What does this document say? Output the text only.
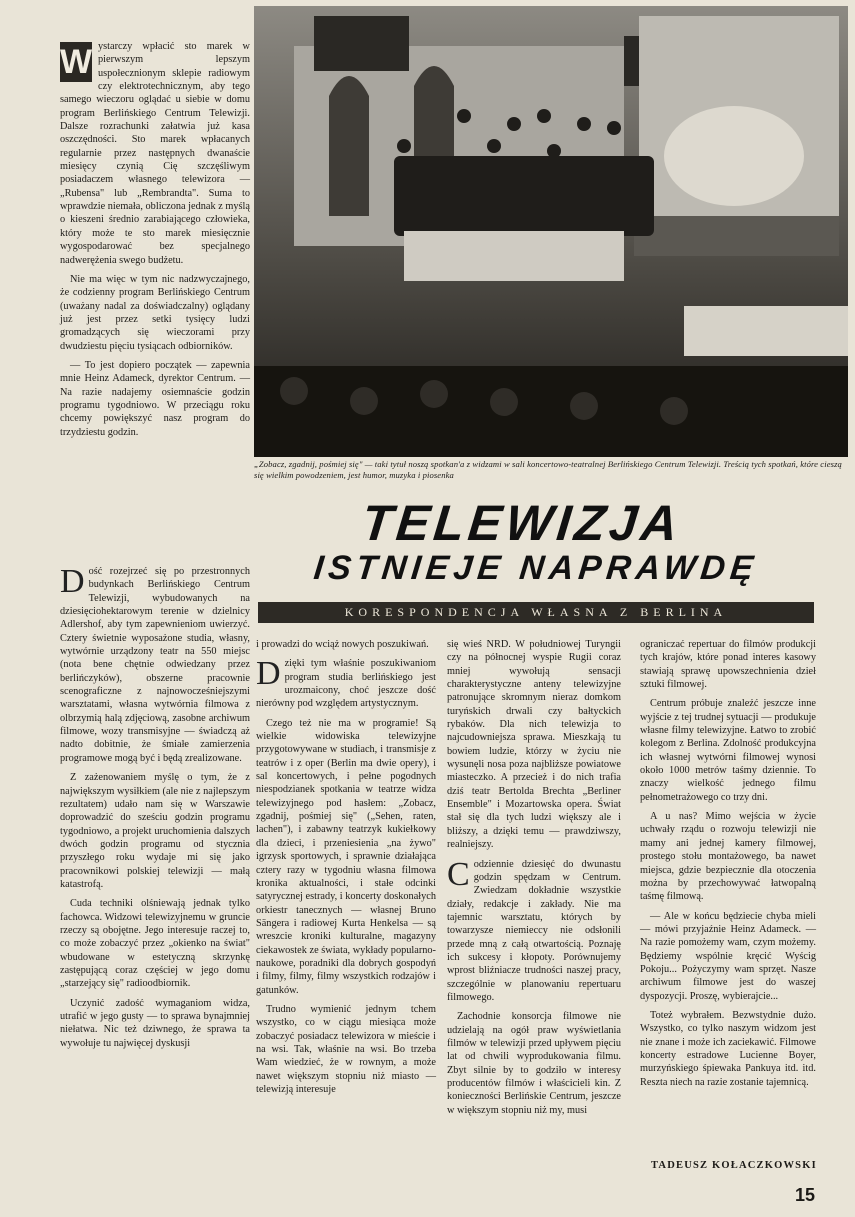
W ystarczy wpłacić sto marek w pierwszym lepszym uspołecznionym sklepie radiowym czy elektrotechnicznym, aby tego samego wieczoru oglądać u siebie w domu program Berlińskiego Centrum Telewizji. Dalsze rozrachunki załatwia już kasa oszczędności. Sto marek wpłacanych regularnie przez następnych dwanaście miesięcy czynią Cię szczęśliwym posiadaczem własnego telewizora — „Rubensa" lub „Rembrandta". Suma to wprawdzie niemała, obliczona jednak z myślą o kieszeni średnio zarabiającego człowieka, który może te sto marek miesięcznie wygospodarować bez specjalnego nadwerężenia swego budżetu.

Nie ma więc w tym nic nadzwyczajnego, że codzienny program Berlińskiego Centrum (uważany nadal za doświadczalny) oglądany już jest przez setki tysięcy ludzi gromadzących się wieczorami przy dwudziestu pięciu tysiącach odbiorników.

— To jest dopiero początek — zapewnia mnie Heinz Adameck, dyrektor Centrum. — Na razie nadajemy osiemnaście godzin programu tygodniowo. W przeciągu roku chcemy powiększyć nasz program do trzydziestu godzin.

„Zobacz, zgadnij, pośmiej się" — taki tytuł noszą spotkan'a z widzami w sali koncertowo-teatralnej Berlińskiego Centrum Telewizji. Treścią tych spotkań, które cieszą się wielkim powodzeniem, jest humor, muzyka i piosenka
TELEWIZJA
ISTNIEJE NAPRAWDĘ
KORESPONDENCJA WŁASNA Z BERLINA

Dość rozejrzeć się po przestronnych budynkach Berlińskiego Centrum Telewizji, wybudowanych na dziesięciohektarowym terenie w dzielnicy Adlershof, aby tym zapewnieniom uwierzyć. Cztery świetnie wyposażone studia, własny, wytwórnie urządzony teatr na 550 miejsc (nota bene chętnie odwiedzany przez berlińczyków), obszerne pracownie scenograficzne z najnowocześniejszymi warsztatami, własna wytwórnia filmowa z olbrzymią halą zdjęciową, zasobne archiwum filmowe, wozy transmisyjne — świadczą aż nadto dobitnie, że śmiałe zamierzenia programowe mogą być i będą zrealizowane.

Z zażenowaniem myślę o tym, że z największym wysiłkiem (ale nie z najlepszym rezultatem) udało nam się w Warszawie doprowadzić do sześciu godzin programu tygodniowo, a projekt uruchomienia dalszych dwóch godzin programu od stycznia przyszłego roku wydaje mi się jako pracownikowi polskiej telewizji — małą katastrofą.

Cuda techniki olśniewają jednak tylko fachowca. Widzowi telewizyjnemu w gruncie rzeczy są obojętne. Jego interesuje raczej to, co może zobaczyć przez „okienko na świat" wbudowane w estetyczną skrzynkę zastępującą coraz częściej w jego domu „starzejący się" radioodbiornik.

Uczynić zadość wymaganiom widza, utrafić w jego gusty — to sprawa bynajmniej niełatwa. Nic też dziwnego, że sprawa ta wywołuje tu najwięcej dyskusji

i prowadzi do wciąż nowych poszukiwań.

Dzięki tym właśnie poszukiwaniom program studia berlińskiego jest urozmaicony, choć jeszcze dość nierówny pod względem artystycznym.

Czego też nie ma w programie! Są wielkie widowiska telewizyjne przygotowywane w studiach, i transmisje z teatrów i z oper (Berlin ma dwie opery), i sal koncertowych, i pełne pogodnych niespodzianek spotkania w teatrze widza telewizyjnego pod hasłem: „Zobacz, zgadnij, pośmiej się" („Sehen, raten, lachen"), i zabawny teatrzyk kukiełkowy dla dzieci, i przeniesienia „na żywo" igrzysk sportowych, i sprawnie działająca cztery razy w tygodniu własna filmowa kronika aktualności, i stałe odcinki satyrycznej estrady, i koncerty doskonałych orkiestr tanecznych — własnej Bruno Sängera i radiowej Kurta Henkelsa — są wreszcie kroniki kulturalne, magazyny ciekawostek ze świata, wykłady popularno-naukowe, poradniki dla dobrych gospodyń i filmy, filmy, filmy wszystkich rodzajów i gatunków.

Trudno wymienić jednym tchem wszystko, co w ciągu miesiąca może zobaczyć posiadacz telewizora w mieście i na wsi. Tak, właśnie na wsi. Bo trzeba Wam wiedzieć, że w rownym, a może nawet większym stopniu niż miasto — telewizją interesuje

się wieś NRD. W południowej Turyngii czy na północnej wyspie Rugii coraz mniej wywołują sensacji charakterystyczne anteny telewizyjne patronujące skromnym nieraz domkom turyńskich drwali czy bałtyckich rybaków. Dla nich telewizja to najcudowniejsza sprawa. Mieszkają tu bowiem ludzie, którzy w życiu nie wysunęli nosa poza najbliższe powiatowe miasteczko. A przecież i do nich trafia dziś teatr Bertolda Brechta „Berliner Ensemble" i Mozartowska opera. Świat stał się dla tych ludzi większy ale i bliższy, a dzięki temu — prawdziwszy, realniejszy.

Codziennie dziesięć do dwunastu godzin spędzam w Centrum. Zwiedzam dokładnie wszystkie działy, redakcje i zakłady. Nie ma tajemnic warsztatu, których by towarzysze niemieccy nie odsłonili przede mną z całą otwartością. Poznaję ich sukcesy i kłopoty. Porównujemy wprost bliźniacze trudności naszej pracy, szczególnie w planowaniu repertuaru filmowego.

Zachodnie konsorcja filmowe nie udzielają na ogół praw wyświetlania filmów w telewizji przed upływem pięciu lat od chwili wyprodukowania filmu. Zbyt silnie by to godziło w interesy producentów filmów i właścicieli kin. Z konieczności Berlińskie Centrum, jeszcze w większym stopniu niż my, musi

ograniczać repertuar do filmów produkcji tych krajów, które ponad interes kasowy stawiają sprawę upowszechnienia dzieł sztuki filmowej.

Centrum próbuje znaleźć jeszcze inne wyjście z tej trudnej sytuacji — produkuje własne filmy telewizyjne. Łatwo to zrobić kolegom z Berlina. Zdolność produkcyjna ich własnej wytwórni filmowej wynosi około 1000 metrów taśmy dziennie. To znaczy wielkość jednego filmu pełnometrażowego co trzy dni.

A u nas? Mimo wejścia w życie uchwały rządu o rozwoju telewizji nie mamy ani jednej kamery filmowej, prostego stołu montażowego, ba nawet miejsca, gdzie bezpiecznie dla otoczenia można by przechowywać łatwopalną taśmę filmową.

— Ale w końcu będziecie chyba mieli — mówi przyjaźnie Heinz Adameck. — Na razie pomożemy wam, czym możemy. Będziemy wspólnie kręcić Wyścig Pokoju... Pożyczymy wam sprzęt. Nasze archiwum filmowe jest do waszej dyspozycji. Proszę, wybierajcie...

Toteż wybrałem. Bezwstydnie dużo. Wszystko, co tylko naszym widzom jest nie znane i może ich zaciekawić. Filmowe koncerty estradowe Lucienne Boyer, murzyńskiego śpiewaka Pankuya itd. itd. Reszta niech na razie zostanie tajemnicą.

TADEUSZ KOŁACZKOWSKI
15
